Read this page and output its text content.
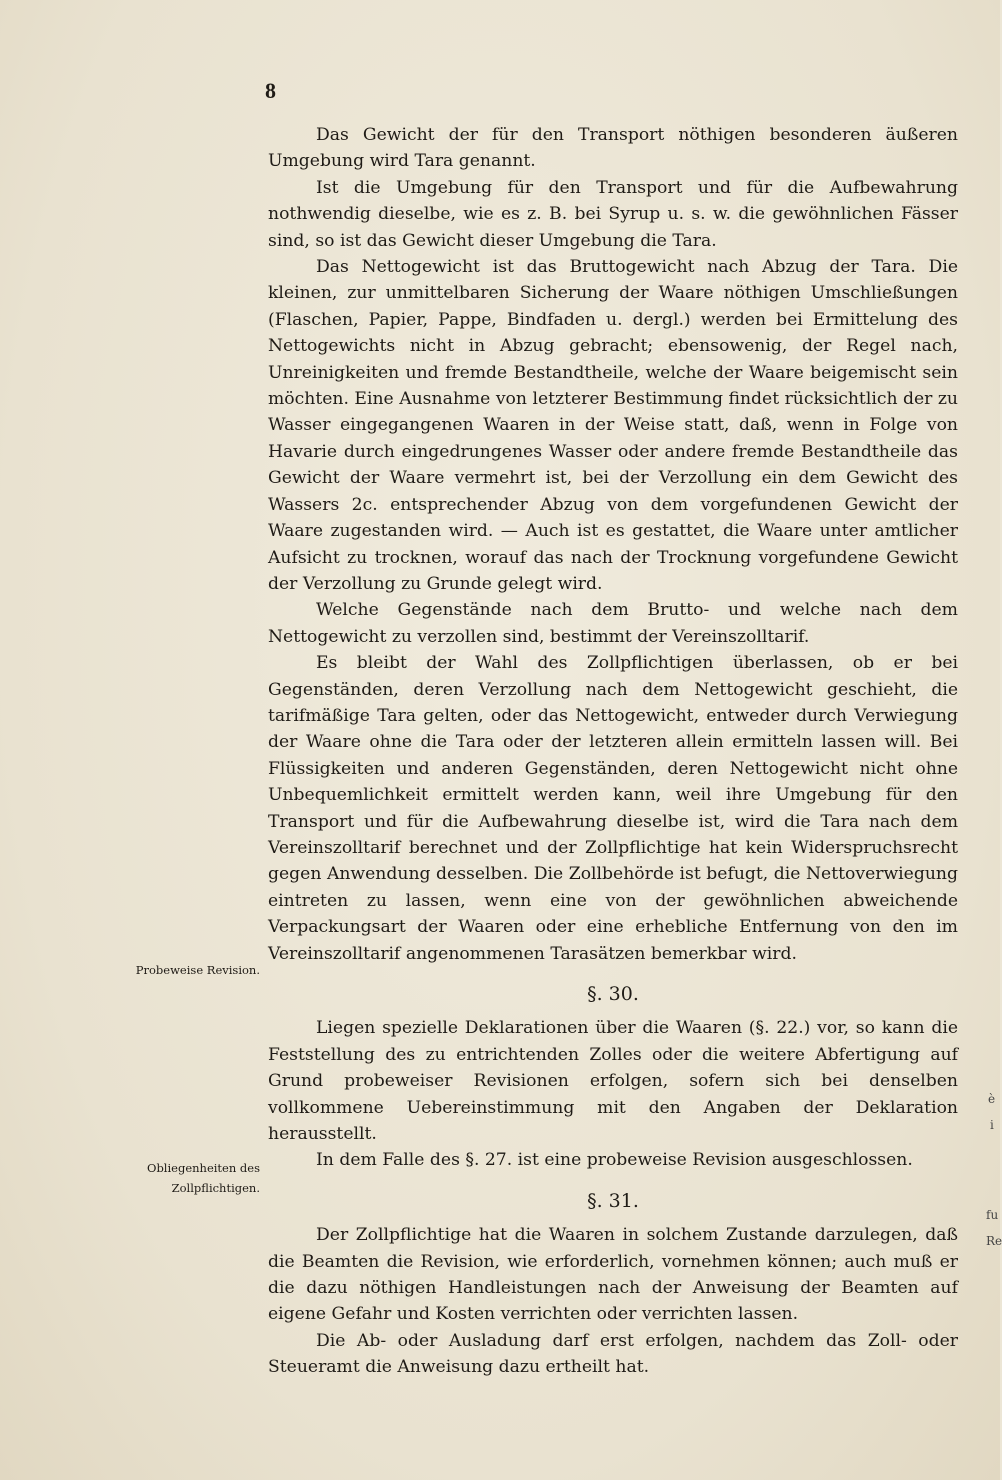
8

Das Gewicht der für den Transport nöthigen besonderen äußeren Umgebung wird Tara genannt.

Ist die Umgebung für den Transport und für die Aufbewahrung nothwendig dieselbe, wie es z. B. bei Syrup u. s. w. die gewöhnlichen Fässer sind, so ist das Gewicht dieser Umgebung die Tara.

Das Nettogewicht ist das Bruttogewicht nach Abzug der Tara. Die kleinen, zur unmittelbaren Sicherung der Waare nöthigen Umschließungen (Flaschen, Papier, Pappe, Bindfaden u. dergl.) werden bei Ermittelung des Nettogewichts nicht in Abzug gebracht; ebensowenig, der Regel nach, Unreinigkeiten und fremde Bestandtheile, welche der Waare beigemischt sein möchten. Eine Ausnahme von letzterer Bestimmung findet rücksichtlich der zu Wasser eingegangenen Waaren in der Weise statt, daß, wenn in Folge von Havarie durch eingedrungenes Wasser oder andere fremde Bestandtheile das Gewicht der Waare vermehrt ist, bei der Verzollung ein dem Gewicht des Wassers 2c. entsprechender Abzug von dem vorgefundenen Gewicht der Waare zugestanden wird. — Auch ist es gestattet, die Waare unter amtlicher Aufsicht zu trocknen, worauf das nach der Trocknung vorgefundene Gewicht der Verzollung zu Grunde gelegt wird.

Welche Gegenstände nach dem Brutto- und welche nach dem Nettogewicht zu verzollen sind, bestimmt der Vereinszolltarif.

Es bleibt der Wahl des Zollpflichtigen überlassen, ob er bei Gegenständen, deren Verzollung nach dem Nettogewicht geschieht, die tarifmäßige Tara gelten, oder das Nettogewicht, entweder durch Verwiegung der Waare ohne die Tara oder der letzteren allein ermitteln lassen will. Bei Flüssigkeiten und anderen Gegenständen, deren Nettogewicht nicht ohne Unbequemlichkeit ermittelt werden kann, weil ihre Umgebung für den Transport und für die Aufbewahrung dieselbe ist, wird die Tara nach dem Vereinszolltarif berechnet und der Zollpflichtige hat kein Widerspruchsrecht gegen Anwendung desselben. Die Zollbehörde ist befugt, die Nettoverwiegung eintreten zu lassen, wenn eine von der gewöhnlichen abweichende Verpackungsart der Waaren oder eine erhebliche Entfernung von den im Vereinszolltarif angenommenen Tarasätzen bemerkbar wird.

§. 30.

Liegen spezielle Deklarationen über die Waaren (§. 22.) vor, so kann die Feststellung des zu entrichtenden Zolles oder die weitere Abfertigung auf Grund probeweiser Revisionen erfolgen, sofern sich bei denselben vollkommene Uebereinstimmung mit den Angaben der Deklaration herausstellt.

In dem Falle des §. 27. ist eine probeweise Revision ausgeschlossen.

§. 31.

Der Zollpflichtige hat die Waaren in solchem Zustande darzulegen, daß die Beamten die Revision, wie erforderlich, vornehmen können; auch muß er die dazu nöthigen Handleistungen nach der Anweisung der Beamten auf eigene Gefahr und Kosten verrichten oder verrichten lassen.

Die Ab- oder Ausladung darf erst erfolgen, nachdem das Zoll- oder Steueramt die Anweisung dazu ertheilt hat.

Probeweise Revision.
Obliegenheiten des
Zollpflichtigen.
è
i
fu
Re
